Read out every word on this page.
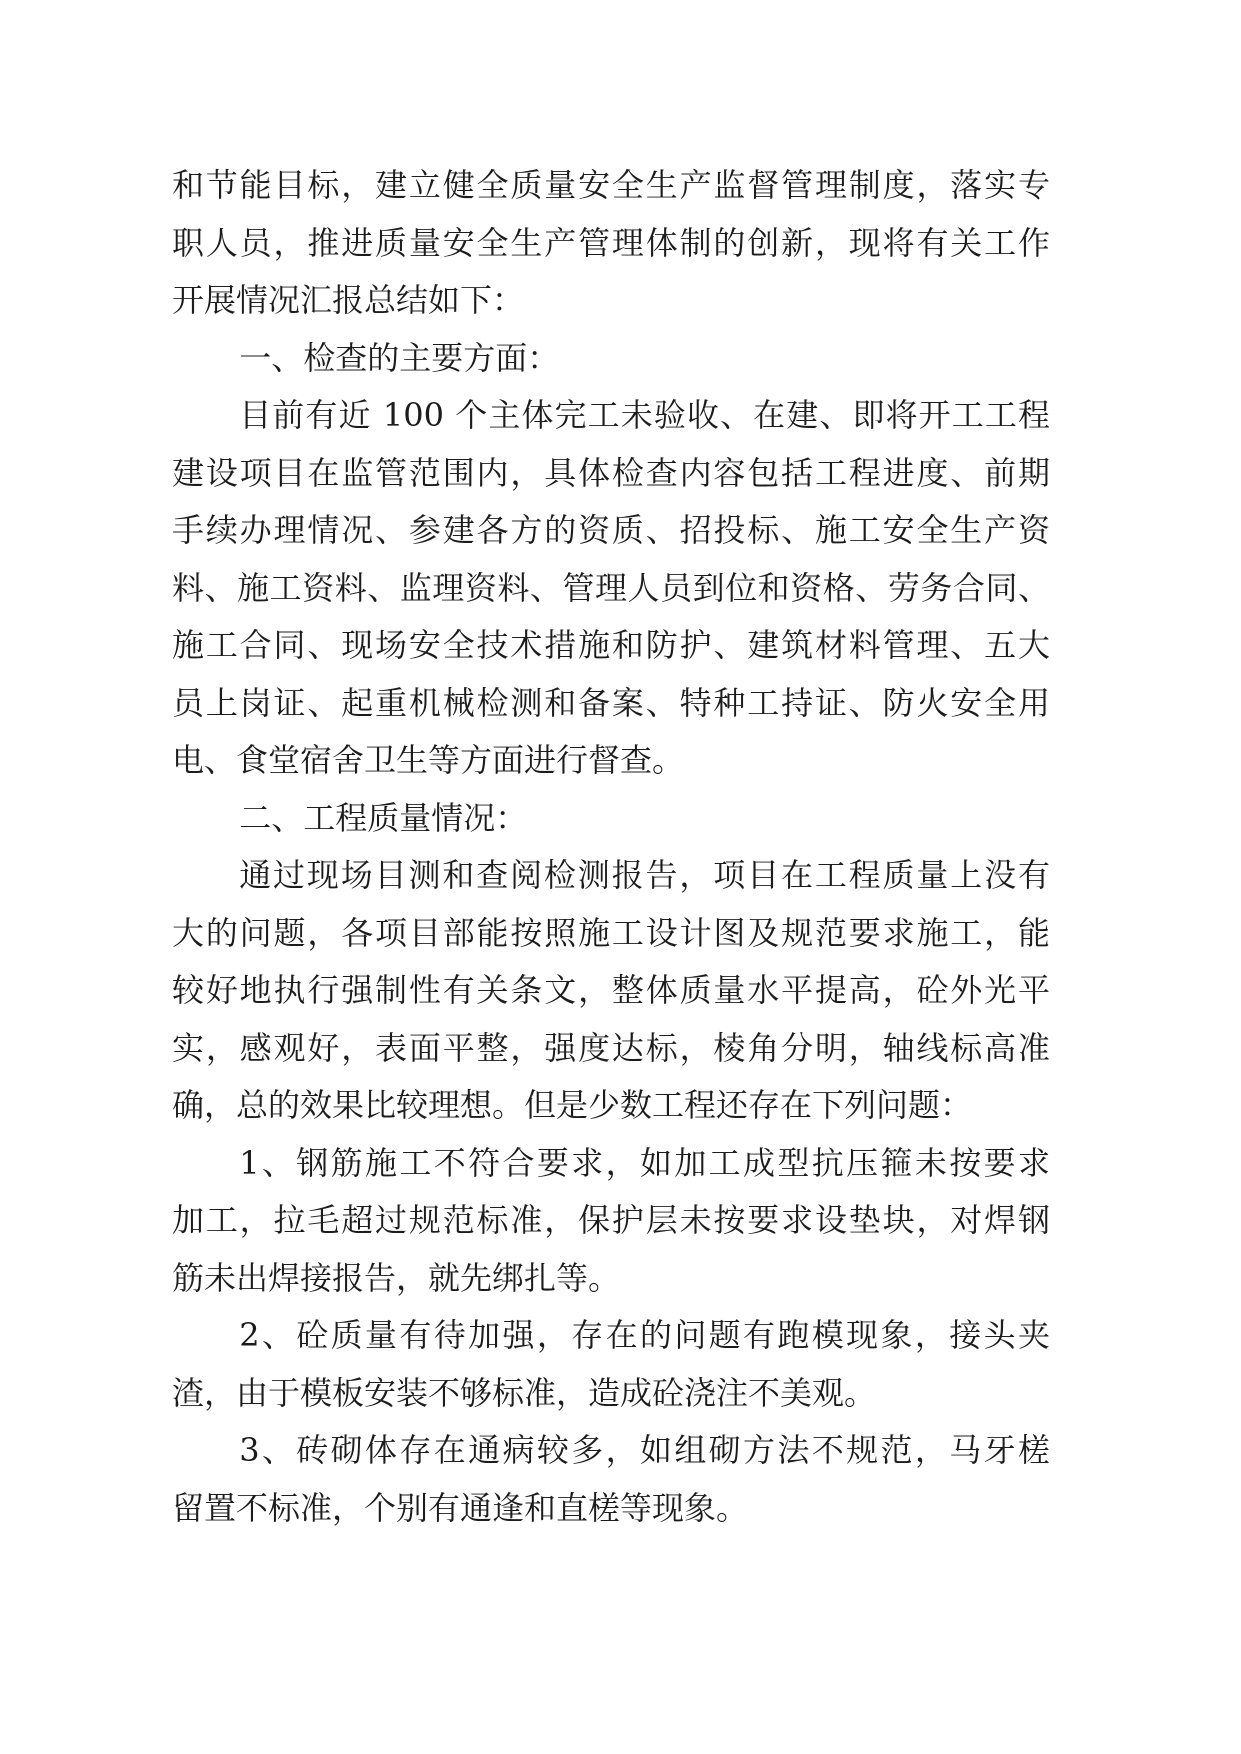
和节能目标，建立健全质量安全生产监督管理制度，落实专
职人员，推进质量安全生产管理体制的创新，现将有关工作
开展情况汇报总结如下：
一、检查的主要方面：
目前有近 100 个主体完工未验收、在建、即将开工工程
建设项目在监管范围内，具体检查内容包括工程进度、前期
手续办理情况、参建各方的资质、招投标、施工安全生产资
料、施工资料、监理资料、管理人员到位和资格、劳务合同、
施工合同、现场安全技术措施和防护、建筑材料管理、五大
员上岗证、起重机械检测和备案、特种工持证、防火安全用
电、食堂宿舍卫生等方面进行督查。
二、工程质量情况：
通过现场目测和查阅检测报告，项目在工程质量上没有
大的问题，各项目部能按照施工设计图及规范要求施工，能
较好地执行强制性有关条文，整体质量水平提高，砼外光平
实，感观好，表面平整，强度达标，棱角分明，轴线标高准
确，总的效果比较理想。但是少数工程还存在下列问题：
1、钢筋施工不符合要求，如加工成型抗压箍未按要求
加工，拉毛超过规范标准，保护层未按要求设垫块，对焊钢
筋未出焊接报告，就先绑扎等。
2、砼质量有待加强，存在的问题有跑模现象，接头夹
渣，由于模板安装不够标准，造成砼浇注不美观。
3、砖砌体存在通病较多，如组砌方法不规范，马牙槎
留置不标准，个别有通逢和直槎等现象。
